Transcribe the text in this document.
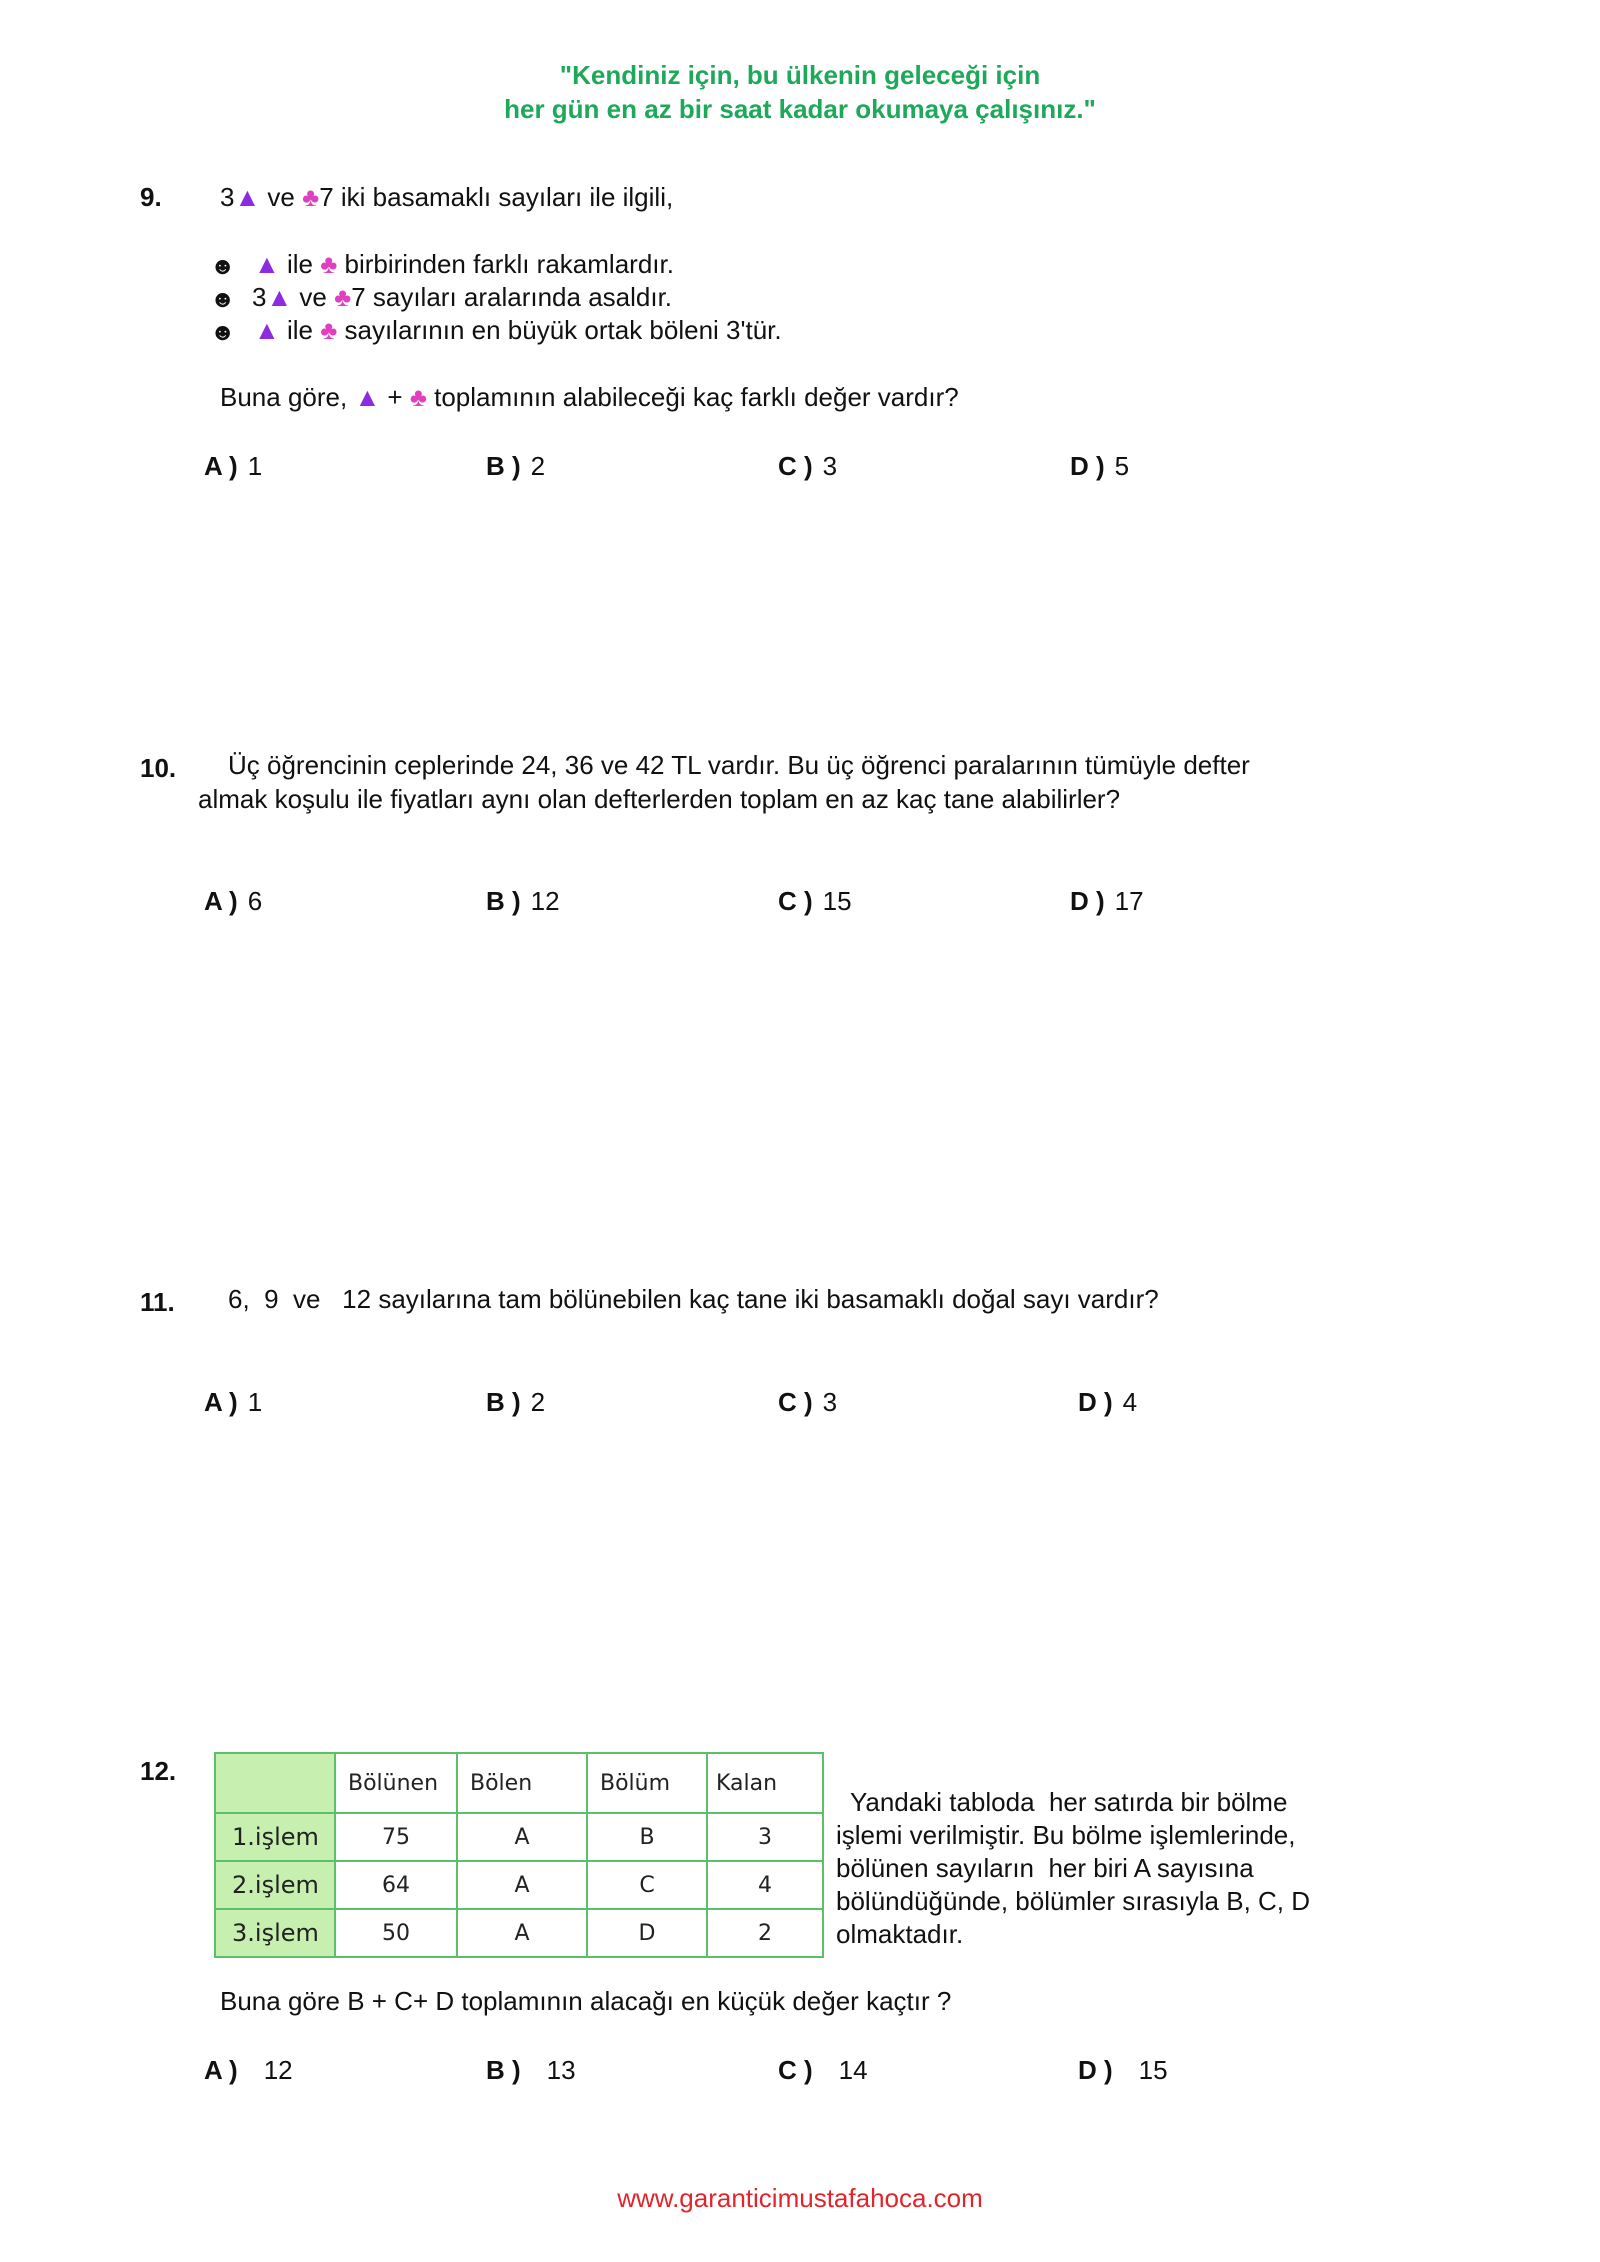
"Kendiniz için, bu ülkenin geleceği için
her gün en az bir saat kadar okumaya çalışınız."
9. 3▲ ve ♣7 iki basamaklı sayıları ile ilgili,
☻ ▲ ile ♣ birbirinden farklı rakamlardır.
☻ 3▲ ve ♣7 sayıları aralarında asaldır.
☻ ▲ ile ♣ sayılarının en büyük ortak böleni 3'tür.
Buna göre, ▲ + ♣ toplamının alabileceği kaç farklı değer vardır?
A ) 1	B ) 2	C ) 3	D ) 5
10. Üç öğrencinin ceplerinde 24, 36 ve 42 TL vardır. Bu üç öğrenci paralarının tümüyle defter
almak koşulu ile fiyatları aynı olan defterlerden toplam en az kaç tane alabilirler?
A ) 6	B ) 12	C ) 15	D ) 17
11. 6,  9  ve   12 sayılarına tam bölünebilen kaç tane iki basamaklı doğal sayı vardır?
A ) 1	B ) 2	C ) 3	D ) 4
12.
		Bölünen	Bölen	Bölüm	Kalan
1.işlem	75	A	B	3
2.işlem	64	A	C	4
3.işlem	50	A	D	2
Yandaki tabloda  her satırda bir bölme
işlemi verilmiştir. Bu bölme işlemlerinde,
bölünen sayıların  her biri A sayısına
bölündüğünde, bölümler sırasıyla B, C, D
olmaktadır.
Buna göre B + C+ D toplamının alacağı en küçük değer kaçtır ?
A ) 12	B ) 13	C ) 14	D ) 15
www.garanticimustafahoca.com
